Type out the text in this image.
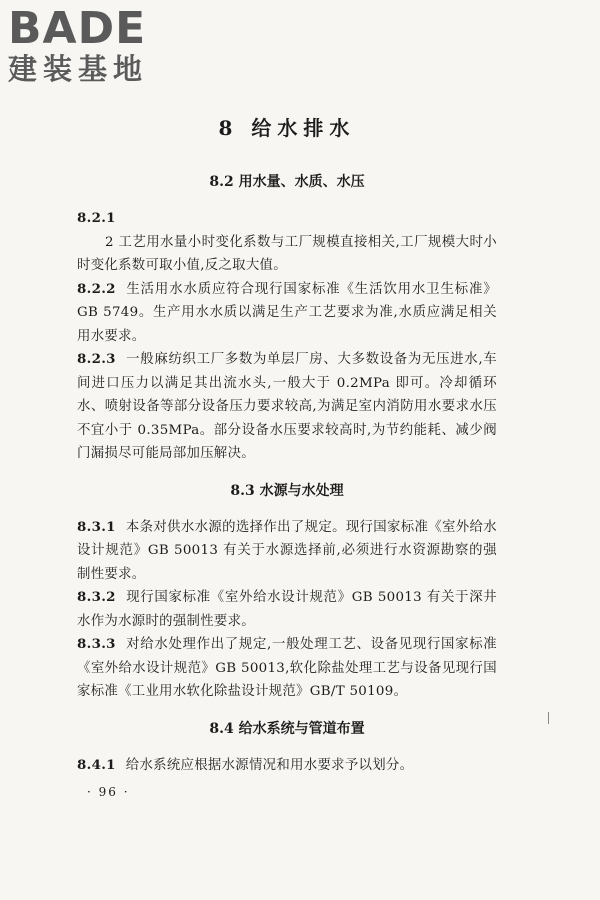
BADE
建装基地
8 给水排水
8.2 用水量、水质、水压

8.2.1

2 工艺用水量小时变化系数与工厂规模直接相关,工厂规模大时小时变化系数可取小值,反之取大值。

8.2.2 生活用水水质应符合现行国家标准《生活饮用水卫生标准》GB 5749。生产用水水质以满足生产工艺要求为准,水质应满足相关用水要求。

8.2.3 一般麻纺织工厂多数为单层厂房、大多数设备为无压进水,车间进口压力以满足其出流水头,一般大于 0.2MPa 即可。冷却循环水、喷射设备等部分设备压力要求较高,为满足室内消防用水要求水压不宜小于 0.35MPa。部分设备水压要求较高时,为节约能耗、减少阀门漏损尽可能局部加压解决。

8.3 水源与水处理

8.3.1 本条对供水水源的选择作出了规定。现行国家标准《室外给水设计规范》GB 50013 有关于水源选择前,必须进行水资源勘察的强制性要求。

8.3.2 现行国家标准《室外给水设计规范》GB 50013 有关于深井水作为水源时的强制性要求。

8.3.3 对给水处理作出了规定,一般处理工艺、设备见现行国家标准《室外给水设计规范》GB 50013,软化除盐处理工艺与设备见现行国家标准《工业用水软化除盐设计规范》GB/T 50109。

8.4 给水系统与管道布置

8.4.1 给水系统应根据水源情况和用水要求予以划分。

· 96 ·
